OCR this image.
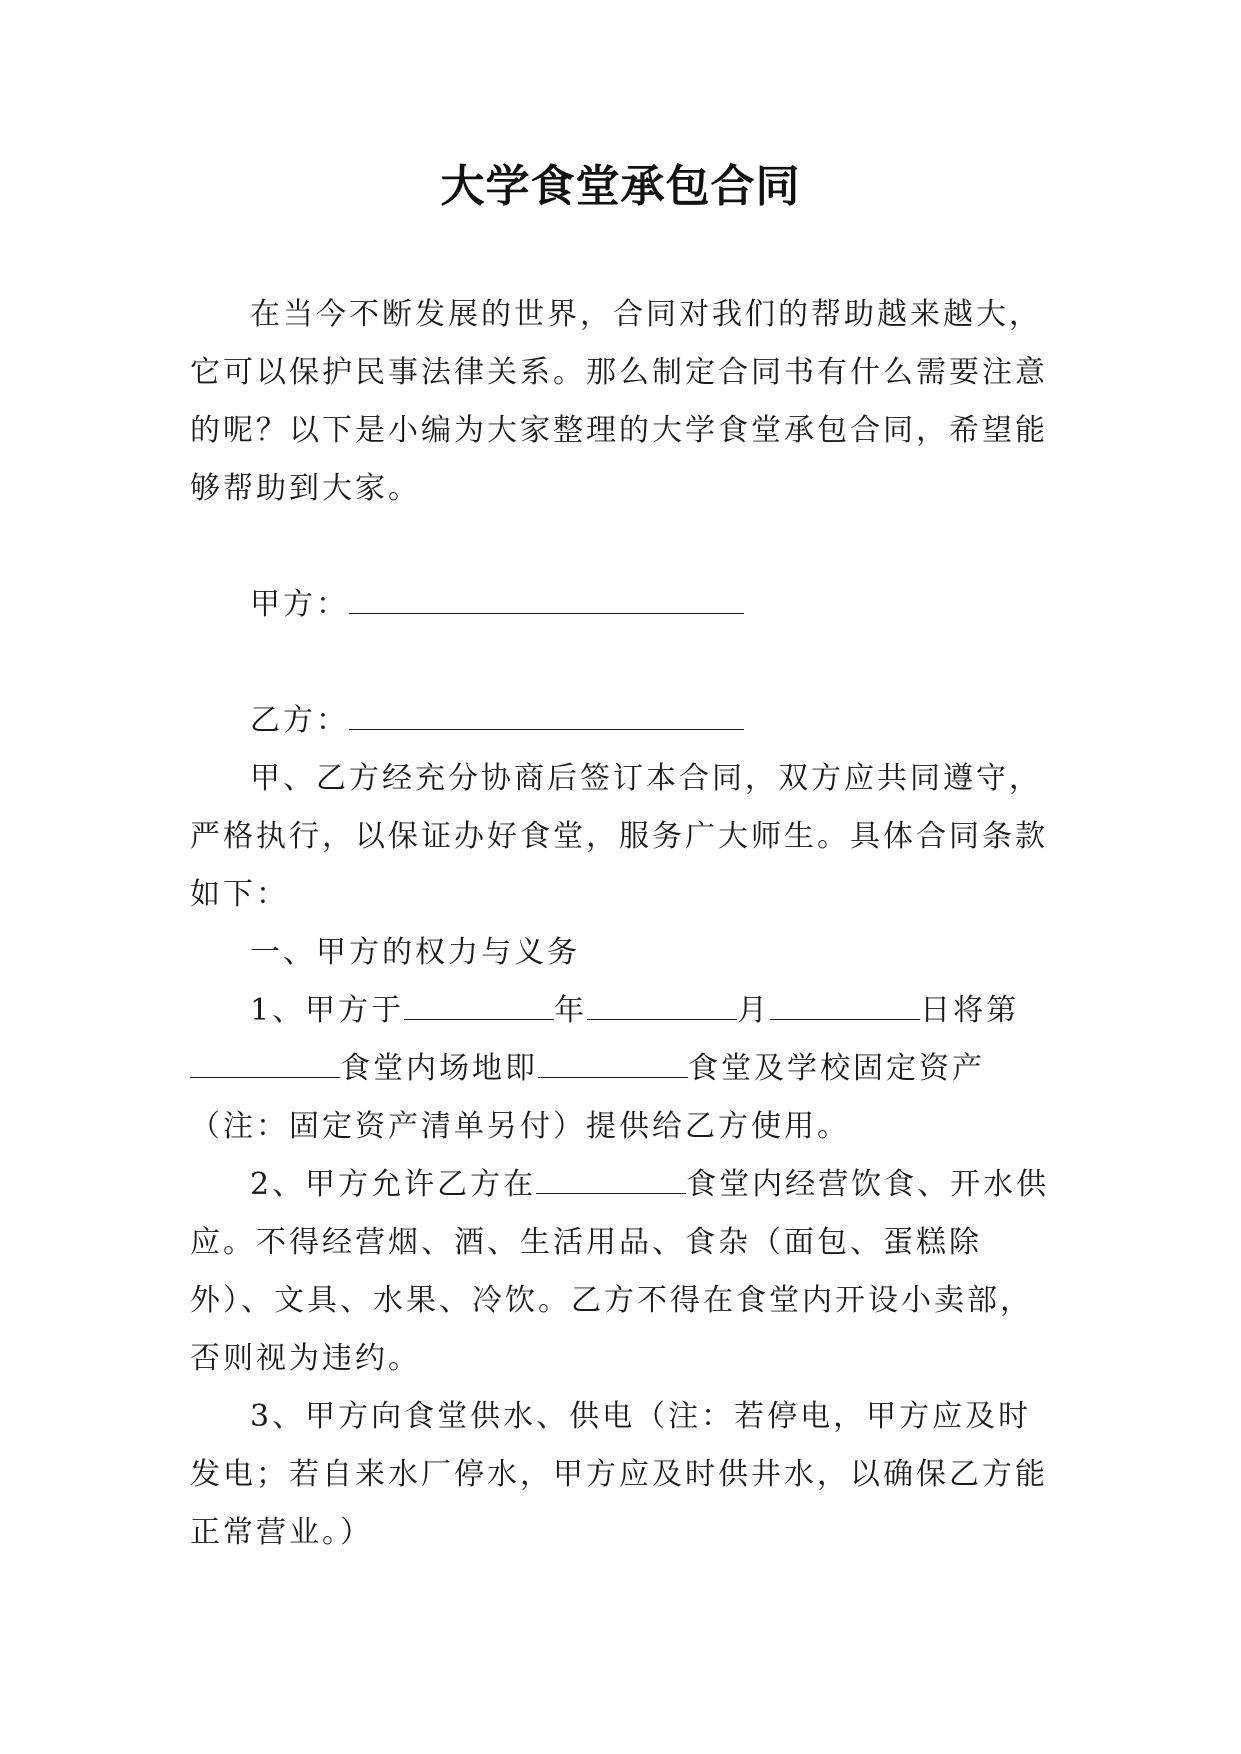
大学食堂承包合同

在当今不断发展的世界，合同对我们的帮助越来越大，它可以保护民事法律关系。那么制定合同书有什么需要注意的呢？以下是小编为大家整理的大学食堂承包合同，希望能够帮助到大家。

甲方：

乙方：

甲、乙方经充分协商后签订本合同，双方应共同遵守，严格执行，以保证办好食堂，服务广大师生。具体合同条款如下：

一、甲方的权力与义务

1、甲方于	年	月	日将第食堂内场地即	食堂及学校固定资产（注：固定资产清单另付）提供给乙方使用。

2、甲方允许乙方在	食堂内经营饮食、开水供应。不得经营烟、酒、生活用品、食杂（面包、蛋糕除外）、文具、水果、冷饮。乙方不得在食堂内开设小卖部，否则视为违约。

3、甲方向食堂供水、供电（注：若停电，甲方应及时发电；若自来水厂停水，甲方应及时供井水，以确保乙方能正常营业。）
